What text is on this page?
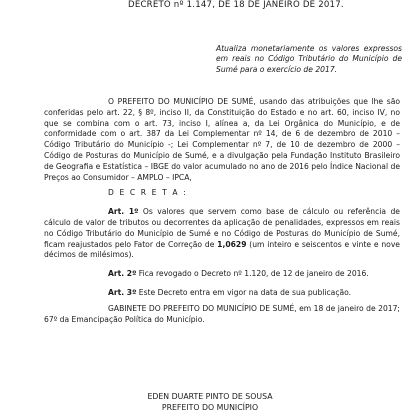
DECRETO nº 1.147, DE 18 DE JANEIRO DE 2017.
Atualiza monetariamente os valores expressos em reais no Código Tributário do Município de Sumé para o exercício de 2017.

O PREFEITO DO MUNICÍPIO DE SUMÉ, usando das atribuições que lhe são conferidas pelo art. 22, § 8º, inciso II, da Constituição do Estado e no art. 60, inciso IV, no que se combina com o art. 73, inciso I, alínea a, da Lei Orgânica do Município, e de conformidade com o art. 387 da Lei Complementar nº 14, de 6 de dezembro de 2010 – Código Tributário do Município -; Lei Complementar nº 7, de 10 de dezembro de 2000 – Código de Posturas do Município de Sumé, e a divulgação pela Fundação Instituto Brasileiro de Geografia e Estatística – IBGE do valor acumulado no ano de 2016 pelo Índice Nacional de Preços ao Consumidor – AMPLO – IPCA,

D E C R E T A :

Art. 1º Os valores que servem como base de cálculo ou referência de cálculo de valor de tributos ou decorrentes da aplicação de penalidades, expressos em reais no Código Tributário do Município de Sumé e no Código de Posturas do Município de Sumé, ficam reajustados pelo Fator de Correção de 1,0629 (um inteiro e seiscentos e vinte e nove décimos de milésimos).

Art. 2º Fica revogado o Decreto nº 1.120, de 12 de janeiro de 2016.

Art. 3º Este Decreto entra em vigor na data de sua publicação.

GABINETE DO PREFEITO DO MUNICÍPIO DE SUMÉ, em 18 de janeiro de 2017; 67º da Emancipação Política do Município.

EDEN DUARTE PINTO DE SOUSA
PREFEITO DO MUNICÍPIO
